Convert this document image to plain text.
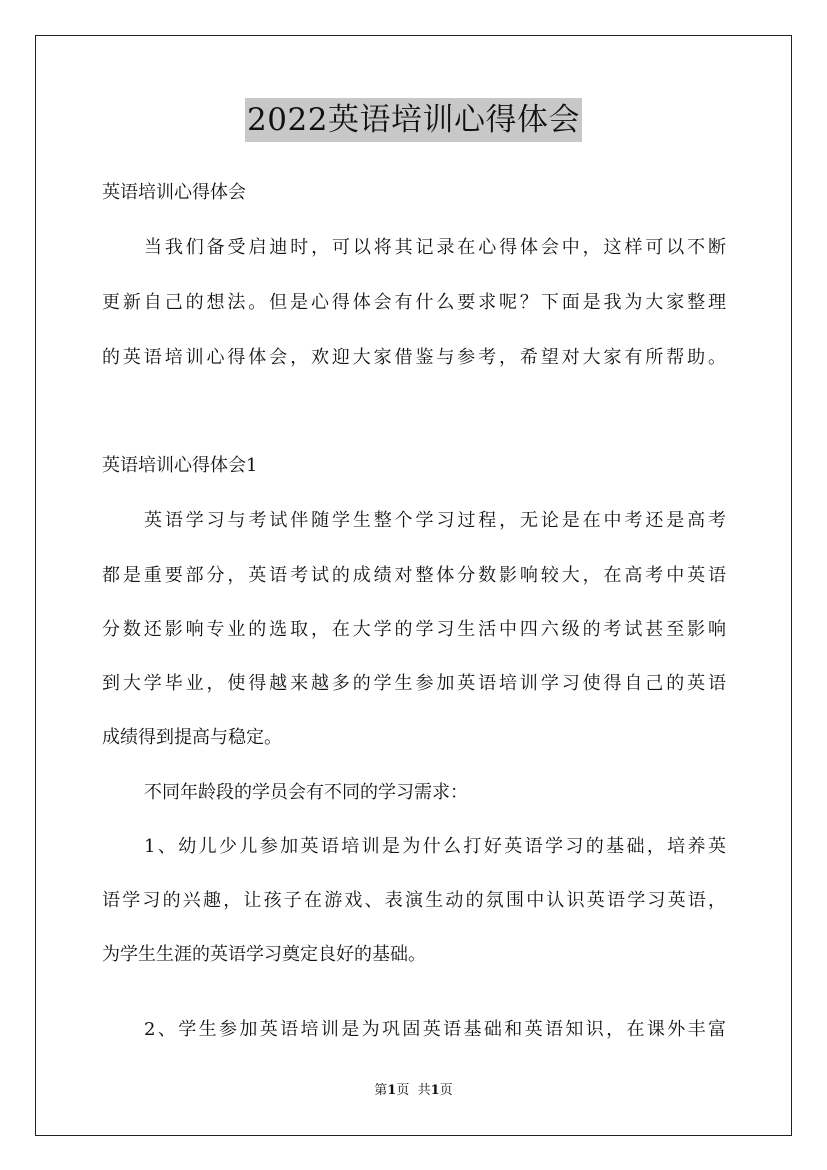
2022英语培训心得体会
英语培训心得体会
当我们备受启迪时，可以将其记录在心得体会中，这样可以不断
更新自己的想法。但是心得体会有什么要求呢？下面是我为大家整理
的英语培训心得体会，欢迎大家借鉴与参考，希望对大家有所帮助。
英语培训心得体会1
英语学习与考试伴随学生整个学习过程，无论是在中考还是高考
都是重要部分，英语考试的成绩对整体分数影响较大，在高考中英语
分数还影响专业的选取，在大学的学习生活中四六级的考试甚至影响
到大学毕业，使得越来越多的学生参加英语培训学习使得自己的英语
成绩得到提高与稳定。
不同年龄段的学员会有不同的学习需求：
1、幼儿少儿参加英语培训是为什么打好英语学习的基础，培养英
语学习的兴趣，让孩子在游戏、表演生动的氛围中认识英语学习英语，
为学生生涯的英语学习奠定良好的基础。
2、学生参加英语培训是为巩固英语基础和英语知识，在课外丰富
第1页 共1页
